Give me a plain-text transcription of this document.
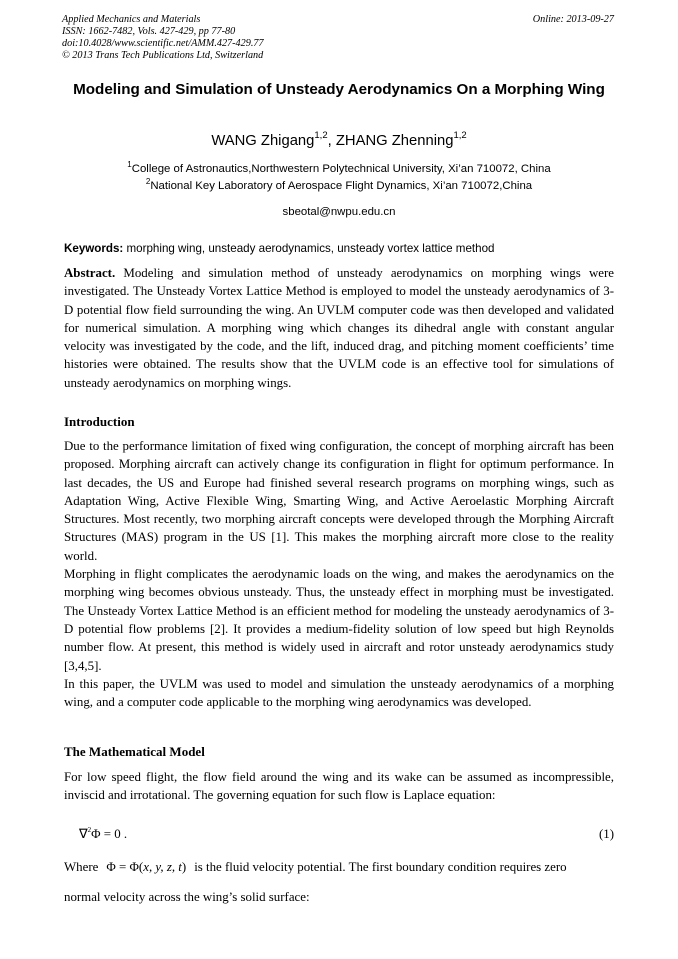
Applied Mechanics and Materials
ISSN: 1662-7482, Vols. 427-429, pp 77-80
doi:10.4028/www.scientific.net/AMM.427-429.77
© 2013 Trans Tech Publications Ltd, Switzerland
Online: 2013-09-27
Modeling and Simulation of Unsteady Aerodynamics On a Morphing Wing
WANG Zhigang$^{1,2}$, ZHANG Zhenning$^{1,2}$
$^1$College of Astronautics,Northwestern Polytechnical University, Xi’an 710072, China
$^2$National Key Laboratory of Aerospace Flight Dynamics, Xi’an 710072,China
sbeotal@nwpu.edu.cn
Keywords: morphing wing, unsteady aerodynamics, unsteady vortex lattice method

Abstract. Modeling and simulation method of unsteady aerodynamics on morphing wings were investigated. The Unsteady Vortex Lattice Method is employed to model the unsteady aerodynamics of 3-D potential flow field surrounding the wing. An UVLM computer code was then developed and validated for numerical simulation. A morphing wing which changes its dihedral angle with constant angular velocity was investigated by the code, and the lift, induced drag, and pitching moment coefficients’ time histories were obtained. The results show that the UVLM code is an effective tool for simulations of unsteady aerodynamics on morphing wings.

Introduction

Due to the performance limitation of fixed wing configuration, the concept of morphing aircraft has been proposed. Morphing aircraft can actively change its configuration in flight for optimum performance. In last decades, the US and Europe had finished several research programs on morphing wings, such as Adaptation Wing, Active Flexible Wing, Smarting Wing, and Active Aeroelastic Morphing Aircraft Structures. Most recently, two morphing aircraft concepts were developed through the Morphing Aircraft Structures (MAS) program in the US [1]. This makes the morphing aircraft more close to the reality world.

Morphing in flight complicates the aerodynamic loads on the wing, and makes the aerodynamics on the morphing wing becomes obvious unsteady. Thus, the unsteady effect in morphing must be investigated. The Unsteady Vortex Lattice Method is an efficient method for modeling the unsteady aerodynamics of 3-D potential flow problems [2]. It provides a medium-fidelity solution of low speed but high Reynolds number flow. At present, this method is widely used in aircraft and rotor unsteady aerodynamics study [3,4,5].

In this paper, the UVLM was used to model and simulation the unsteady aerodynamics of a morphing wing, and a computer code applicable to the morphing wing aerodynamics was developed.

The Mathematical Model
For low speed flight, the flow field around the wing and its wake can be assumed as incompressible, inviscid and irrotational. The governing equation for such flow is Laplace equation:
∇$^2$Φ = 0 .	(1)
Where Φ = Φ(x, y, z, t) is the fluid velocity potential. The first boundary condition requires zero
normal velocity across the wing’s solid surface:
